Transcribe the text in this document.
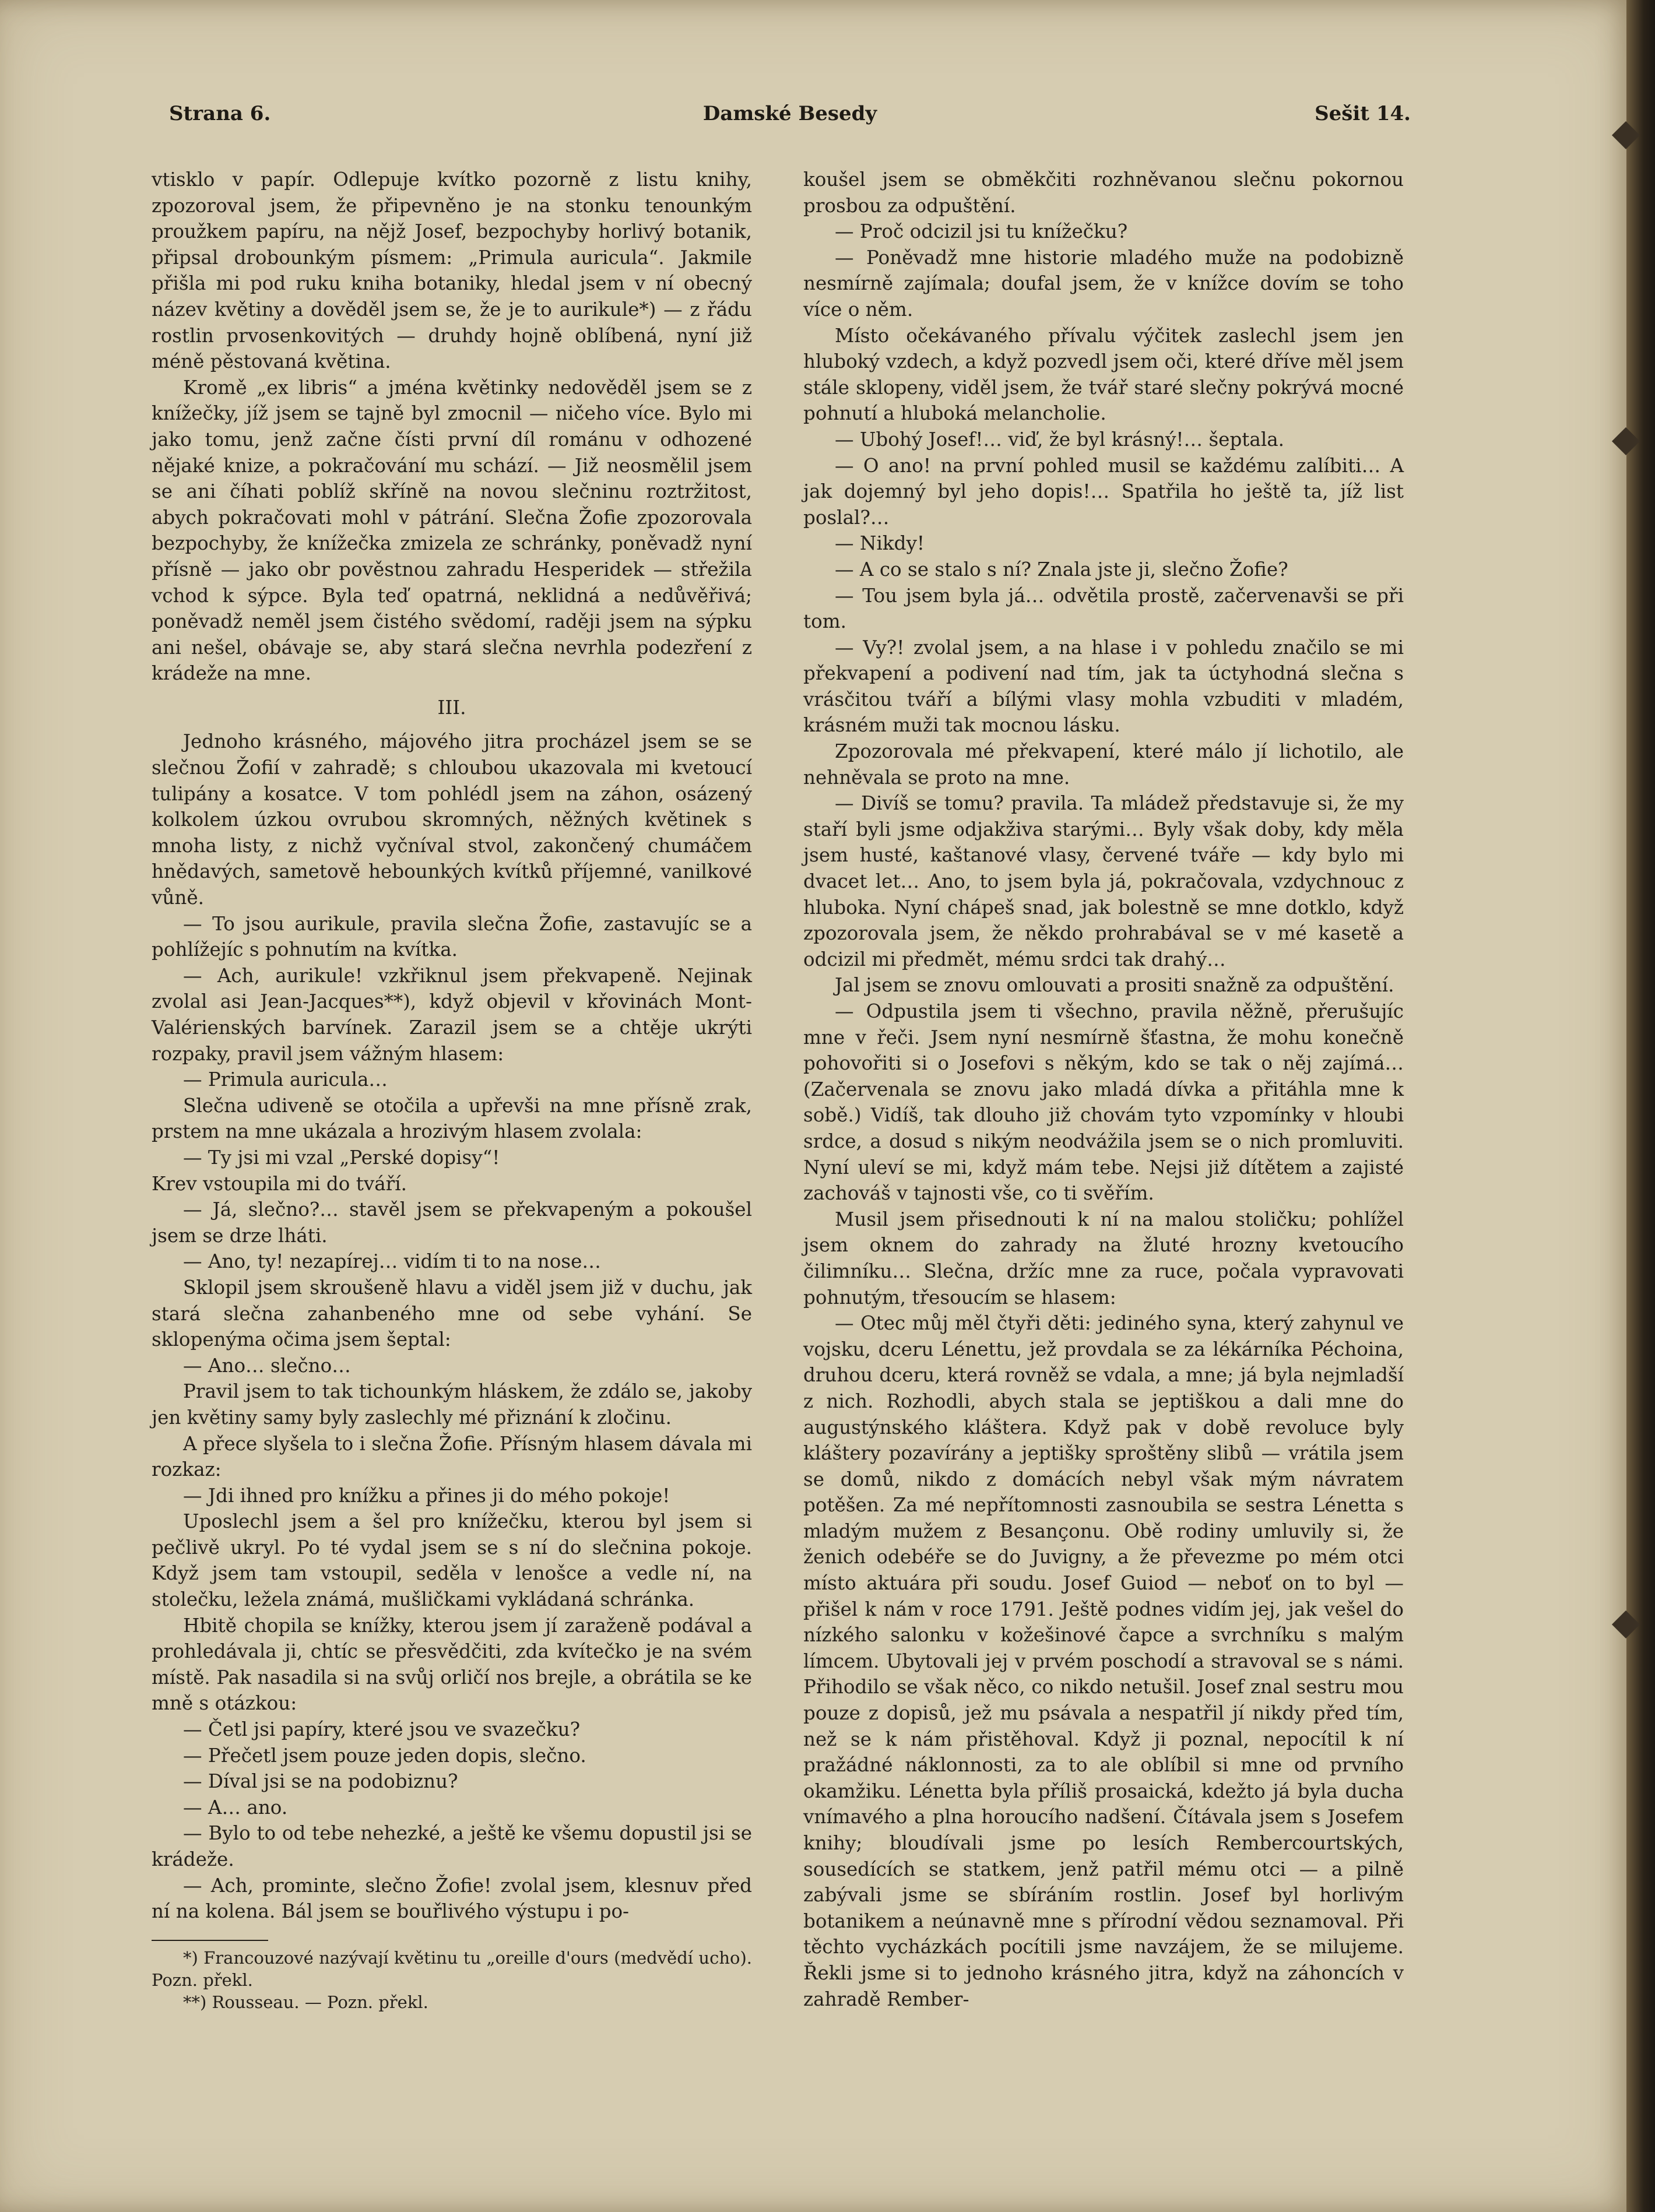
Strana 6.	Damské Besedy	Sešit 14.

vtisklo v papír. Odlepuje kvítko pozorně z listu knihy, zpozoroval jsem, že připevněno je na stonku tenounkým proužkem papíru, na nějž Josef, bezpochyby horlivý botanik, připsal drobounkým písmem: „Primula auricula“. Jakmile přišla mi pod ruku kniha botaniky, hledal jsem v ní obecný název květiny a dověděl jsem se, že je to aurikule*) — z řádu rostlin prvosenkovitých — druhdy hojně oblíbená, nyní již méně pěstovaná květina.

Kromě „ex libris“ a jména květinky nedověděl jsem se z knížečky, jíž jsem se tajně byl zmocnil — ničeho více. Bylo mi jako tomu, jenž začne čísti první díl románu v odhozené nějaké knize, a pokračování mu schází. — Již neosmělil jsem se ani číhati poblíž skříně na novou slečninu roztržitost, abych pokračovati mohl v pátrání. Slečna Žofie zpozorovala bezpochyby, že knížečka zmizela ze schránky, poněvadž nyní přísně — jako obr pověstnou zahradu Hesperidek — střežila vchod k sýpce. Byla teď opatrná, neklidná a nedůvěřivá; poněvadž neměl jsem čistého svědomí, raději jsem na sýpku ani nešel, obávaje se, aby stará slečna nevrhla podezření z krádeže na mne.

III.

Jednoho krásného, májového jitra procházel jsem se se slečnou Žofií v zahradě; s chloubou ukazovala mi kvetoucí tulipány a kosatce. V tom pohlédl jsem na záhon, osázený kolkolem úzkou ovrubou skromných, něžných květinek s mnoha listy, z nichž vyčníval stvol, zakončený chumáčem hnědavých, sametově hebounkých kvítků příjemné, vanilkové vůně.

— To jsou aurikule, pravila slečna Žofie, zastavujíc se a pohlížejíc s pohnutím na kvítka.

— Ach, aurikule! vzkřiknul jsem překvapeně. Nejinak zvolal asi Jean-Jacques**), když objevil v křovinách Mont-Valérienských barvínek. Zarazil jsem se a chtěje ukrýti rozpaky, pravil jsem vážným hlasem:

— Primula auricula…

Slečna udiveně se otočila a upřevši na mne přísně zrak, prstem na mne ukázala a hrozivým hlasem zvolala:

— Ty jsi mi vzal „Perské dopisy“!

Krev vstoupila mi do tváří.

— Já, slečno?… stavěl jsem se překvapeným a pokoušel jsem se drze lháti.

— Ano, ty! nezapírej… vidím ti to na nose…

Sklopil jsem skroušeně hlavu a viděl jsem již v duchu, jak stará slečna zahanbeného mne od sebe vyhání. Se sklopenýma očima jsem šeptal:

— Ano… slečno…

Pravil jsem to tak tichounkým hláskem, že zdálo se, jakoby jen květiny samy byly zaslechly mé přiznání k zločinu.

A přece slyšela to i slečna Žofie. Přísným hlasem dávala mi rozkaz:

— Jdi ihned pro knížku a přines ji do mého pokoje!

Uposlechl jsem a šel pro knížečku, kterou byl jsem si pečlivě ukryl. Po té vydal jsem se s ní do slečnina pokoje. Když jsem tam vstoupil, seděla v lenošce a vedle ní, na stolečku, ležela známá, mušličkami vykládaná schránka.

Hbitě chopila se knížky, kterou jsem jí zaraženě podával a prohledávala ji, chtíc se přesvědčiti, zda kvítečko je na svém místě. Pak nasadila si na svůj orličí nos brejle, a obrátila se ke mně s otázkou:

— Četl jsi papíry, které jsou ve svazečku?

— Přečetl jsem pouze jeden dopis, slečno.

— Díval jsi se na podobiznu?

— A… ano.

— Bylo to od tebe nehezké, a ještě ke všemu dopustil jsi se krádeže.

— Ach, prominte, slečno Žofie! zvolal jsem, klesnuv před ní na kolena. Bál jsem se bouřlivého výstupu i po-

*) Francouzové nazývají květinu tu „oreille d'ours (medvědí ucho). Pozn. překl.

**) Rousseau. — Pozn. překl.

koušel jsem se obměkčiti rozhněvanou slečnu pokornou prosbou za odpuštění.

— Proč odcizil jsi tu knížečku?

— Poněvadž mne historie mladého muže na podobizně nesmírně zajímala; doufal jsem, že v knížce dovím se toho více o něm.

Místo očekávaného přívalu výčitek zaslechl jsem jen hluboký vzdech, a když pozvedl jsem oči, které dříve měl jsem stále sklopeny, viděl jsem, že tvář staré slečny pokrývá mocné pohnutí a hluboká melancholie.

— Ubohý Josef!… viď, že byl krásný!… šeptala.

— O ano! na první pohled musil se každému zalíbiti… A jak dojemný byl jeho dopis!… Spatřila ho ještě ta, jíž list poslal?…

— Nikdy!

— A co se stalo s ní? Znala jste ji, slečno Žofie?

— Tou jsem byla já… odvětila prostě, začervenavši se při tom.

— Vy?! zvolal jsem, a na hlase i v pohledu značilo se mi překvapení a podivení nad tím, jak ta úctyhodná slečna s vrásčitou tváří a bílými vlasy mohla vzbuditi v mladém, krásném muži tak mocnou lásku.

Zpozorovala mé překvapení, které málo jí lichotilo, ale nehněvala se proto na mne.

— Divíš se tomu? pravila. Ta mládež představuje si, že my staří byli jsme odjakživa starými… Byly však doby, kdy měla jsem husté, kaštanové vlasy, červené tváře — kdy bylo mi dvacet let… Ano, to jsem byla já, pokračovala, vzdychnouc z hluboka. Nyní chápeš snad, jak bolestně se mne dotklo, když zpozorovala jsem, že někdo prohrabával se v mé kasetě a odcizil mi předmět, mému srdci tak drahý…

Jal jsem se znovu omlouvati a prositi snažně za odpuštění.

— Odpustila jsem ti všechno, pravila něžně, přerušujíc mne v řeči. Jsem nyní nesmírně šťastna, že mohu konečně pohovořiti si o Josefovi s někým, kdo se tak o něj zajímá… (Začervenala se znovu jako mladá dívka a přitáhla mne k sobě.) Vidíš, tak dlouho již chovám tyto vzpomínky v hloubi srdce, a dosud s nikým neodvážila jsem se o nich promluviti. Nyní uleví se mi, když mám tebe. Nejsi již dítětem a zajisté zachováš v tajnosti vše, co ti svěřím.

Musil jsem přisednouti k ní na malou stoličku; pohlížel jsem oknem do zahrady na žluté hrozny kvetoucího čilimníku… Slečna, držíc mne za ruce, počala vypravovati pohnutým, třesoucím se hlasem:

— Otec můj měl čtyři děti: jediného syna, který zahynul ve vojsku, dceru Lénettu, jež provdala se za lékárníka Péchoina, druhou dceru, která rovněž se vdala, a mne; já byla nejmladší z nich. Rozhodli, abych stala se jeptiškou a dali mne do augustýnského kláštera. Když pak v době revoluce byly kláštery pozavírány a jeptišky sproštěny slibů — vrátila jsem se domů, nikdo z domácích nebyl však mým návratem potěšen. Za mé nepřítomnosti zasnoubila se sestra Lénetta s mladým mužem z Besançonu. Obě rodiny umluvily si, že ženich odebéře se do Juvigny, a že převezme po mém otci místo aktuára při soudu. Josef Guiod — neboť on to byl — přišel k nám v roce 1791. Ještě podnes vidím jej, jak vešel do nízkého salonku v kožešinové čapce a svrchníku s malým límcem. Ubytovali jej v prvém poschodí a stravoval se s námi. Přihodilo se však něco, co nikdo netušil. Josef znal sestru mou pouze z dopisů, jež mu psávala a nespatřil jí nikdy před tím, než se k nám přistěhoval. Když ji poznal, nepocítil k ní pražádné náklonnosti, za to ale oblíbil si mne od prvního okamžiku. Lénetta byla příliš prosaická, kdežto já byla ducha vnímavého a plna horoucího nadšení. Čítávala jsem s Josefem knihy; bloudívali jsme po lesích Rembercourtských, sousedících se statkem, jenž patřil mému otci — a pilně zabývali jsme se sbíráním rostlin. Josef byl horlivým botanikem a neúnavně mne s přírodní vědou seznamoval. Při těchto vycházkách pocítili jsme navzájem, že se milujeme. Řekli jsme si to jednoho krásného jitra, když na záhoncích v zahradě Rember-
